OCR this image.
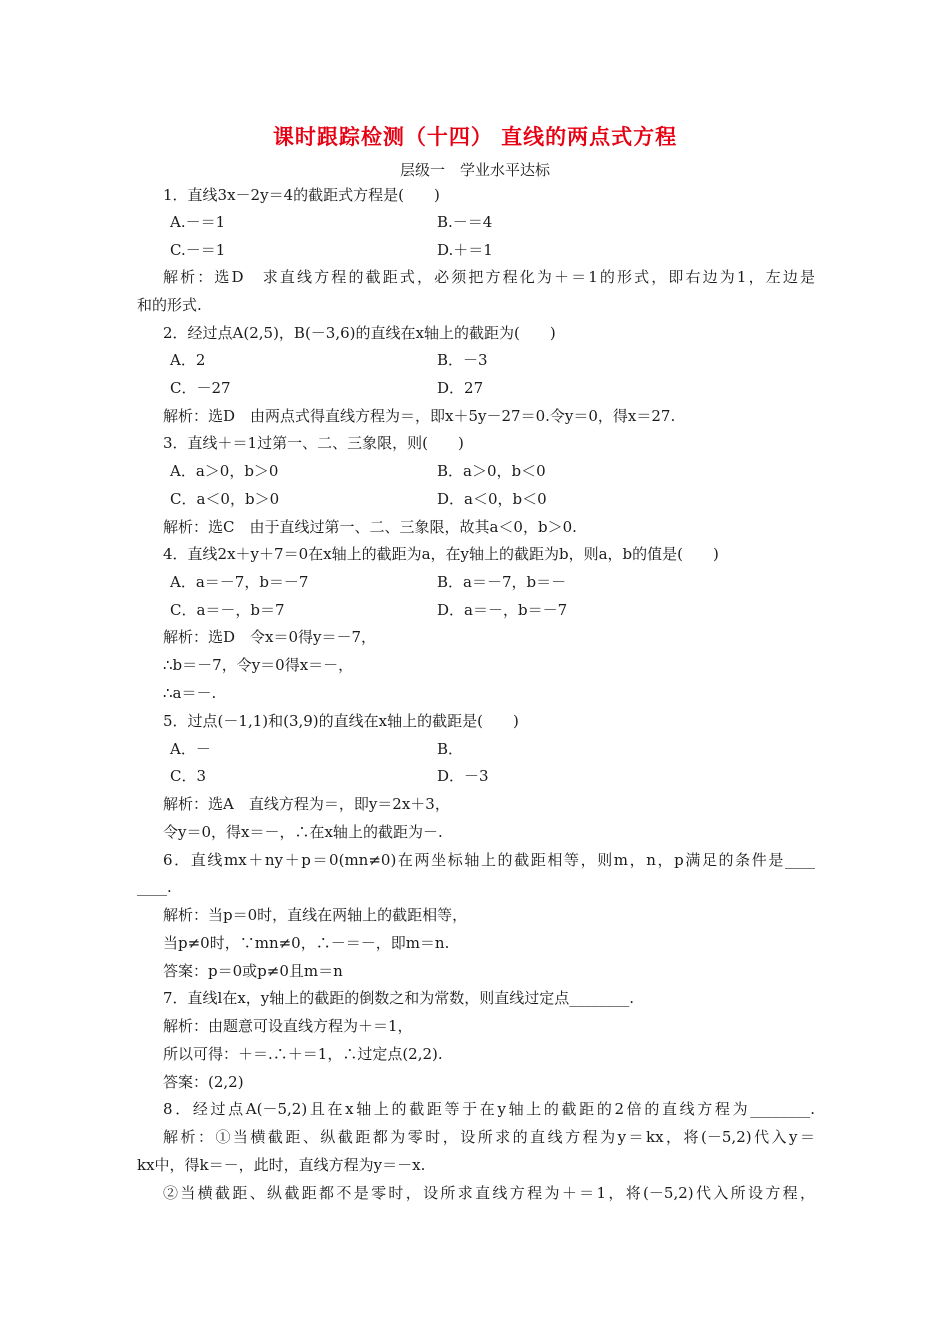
课时跟踪检测（十四） 直线的两点式方程
层级一　学业水平达标
1．直线3x－2y＝4的截距式方程是(　　)
A.－＝1	B.－＝4
C.－＝1	D.＋＝1
解析：选D　求直线方程的截距式，必须把方程化为＋＝1的形式，即右边为1，左边是
和的形式.
2．经过点A(2,5)，B(－3,6)的直线在x轴上的截距为(　　)
A．2	B．－3
C．－27	D．27
解析：选D　由两点式得直线方程为＝，即x＋5y－27＝0.令y＝0，得x＝27.
3．直线＋＝1过第一、二、三象限，则(　　)
A．a＞0，b＞0	B．a＞0，b＜0
C．a＜0，b＞0	D．a＜0，b＜0
解析：选C　由于直线过第一、二、三象限，故其a＜0，b＞0.
4．直线2x＋y＋7＝0在x轴上的截距为a，在y轴上的截距为b，则a，b的值是(　　)
A．a＝－7，b＝－7	B．a＝－7，b＝－
C．a＝－，b＝7	D．a＝－，b＝－7
解析：选D　令x＝0得y＝－7，
∴b＝－7，令y＝0得x＝－，
∴a＝－.
5．过点(－1,1)和(3,9)的直线在x轴上的截距是(　　)
A．－	B．
C．3	D．－3
解析：选A　直线方程为＝，即y＝2x＋3，
令y＝0，得x＝－，∴在x轴上的截距为－.
6．直线mx＋ny＋p＝0(mn≠0)在两坐标轴上的截距相等，则m，n，p满足的条件是____
____.
解析：当p＝0时，直线在两轴上的截距相等，
当p≠0时，∵mn≠0，∴－＝－，即m＝n.
答案：p＝0或p≠0且m＝n
7．直线l在x，y轴上的截距的倒数之和为常数，则直线过定点________.
解析：由题意可设直线方程为＋＝1，
所以可得：＋＝.∴＋＝1，∴过定点(2,2).
答案：(2,2)
8．经过点A(－5,2)且在x轴上的截距等于在y轴上的截距的2倍的直线方程为________.
解析：①当横截距、纵截距都为零时，设所求的直线方程为y＝kx，将(－5,2)代入y＝
kx中，得k＝－，此时，直线方程为y＝－x.
②当横截距、纵截距都不是零时，设所求直线方程为＋＝1，将(－5,2)代入所设方程，
